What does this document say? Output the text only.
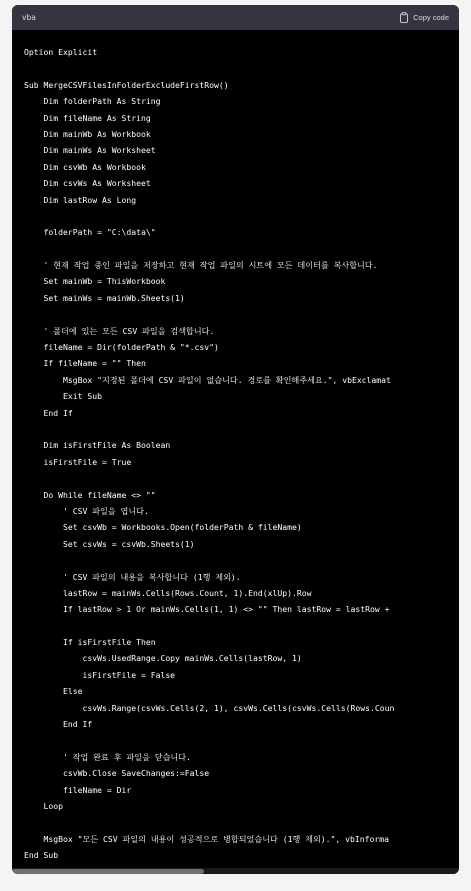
vba	Copy code
Option Explicit
Sub MergeCSVFilesInFolderExcludeFirstRow()
Dim folderPath As String
Dim fileName As String
Dim mainWb As Workbook
Dim mainWs As Worksheet
Dim csvWb As Workbook
Dim csvWs As Worksheet
Dim lastRow As Long
folderPath = "C:\data\"
' 현재 작업 중인 파일을 저장하고 현재 작업 파일의 시트에 모든 데이터를 복사합니다.
Set mainWb = ThisWorkbook
Set mainWs = mainWb.Sheets(1)
' 폴더에 있는 모든 CSV 파일을 검색합니다.
fileName = Dir(folderPath & "*.csv")
If fileName = "" Then
MsgBox "지정된 폴더에 CSV 파일이 없습니다. 경로를 확인해주세요.", vbExclamat
Exit Sub
End If
Dim isFirstFile As Boolean
isFirstFile = True
Do While fileName <> ""
' CSV 파일을 엽니다.
Set csvWb = Workbooks.Open(folderPath & fileName)
Set csvWs = csvWb.Sheets(1)
' CSV 파일의 내용을 복사합니다 (1행 제외).
lastRow = mainWs.Cells(Rows.Count, 1).End(xlUp).Row
If lastRow > 1 Or mainWs.Cells(1, 1) <> "" Then lastRow = lastRow +
If isFirstFile Then
csvWs.UsedRange.Copy mainWs.Cells(lastRow, 1)
isFirstFile = False
Else
csvWs.Range(csvWs.Cells(2, 1), csvWs.Cells(csvWs.Cells(Rows.Coun
End If
' 작업 완료 후 파일을 닫습니다.
csvWb.Close SaveChanges:=False
fileName = Dir
Loop
MsgBox "모든 CSV 파일의 내용이 성공적으로 병합되었습니다 (1행 제외).", vbInforma
End Sub
